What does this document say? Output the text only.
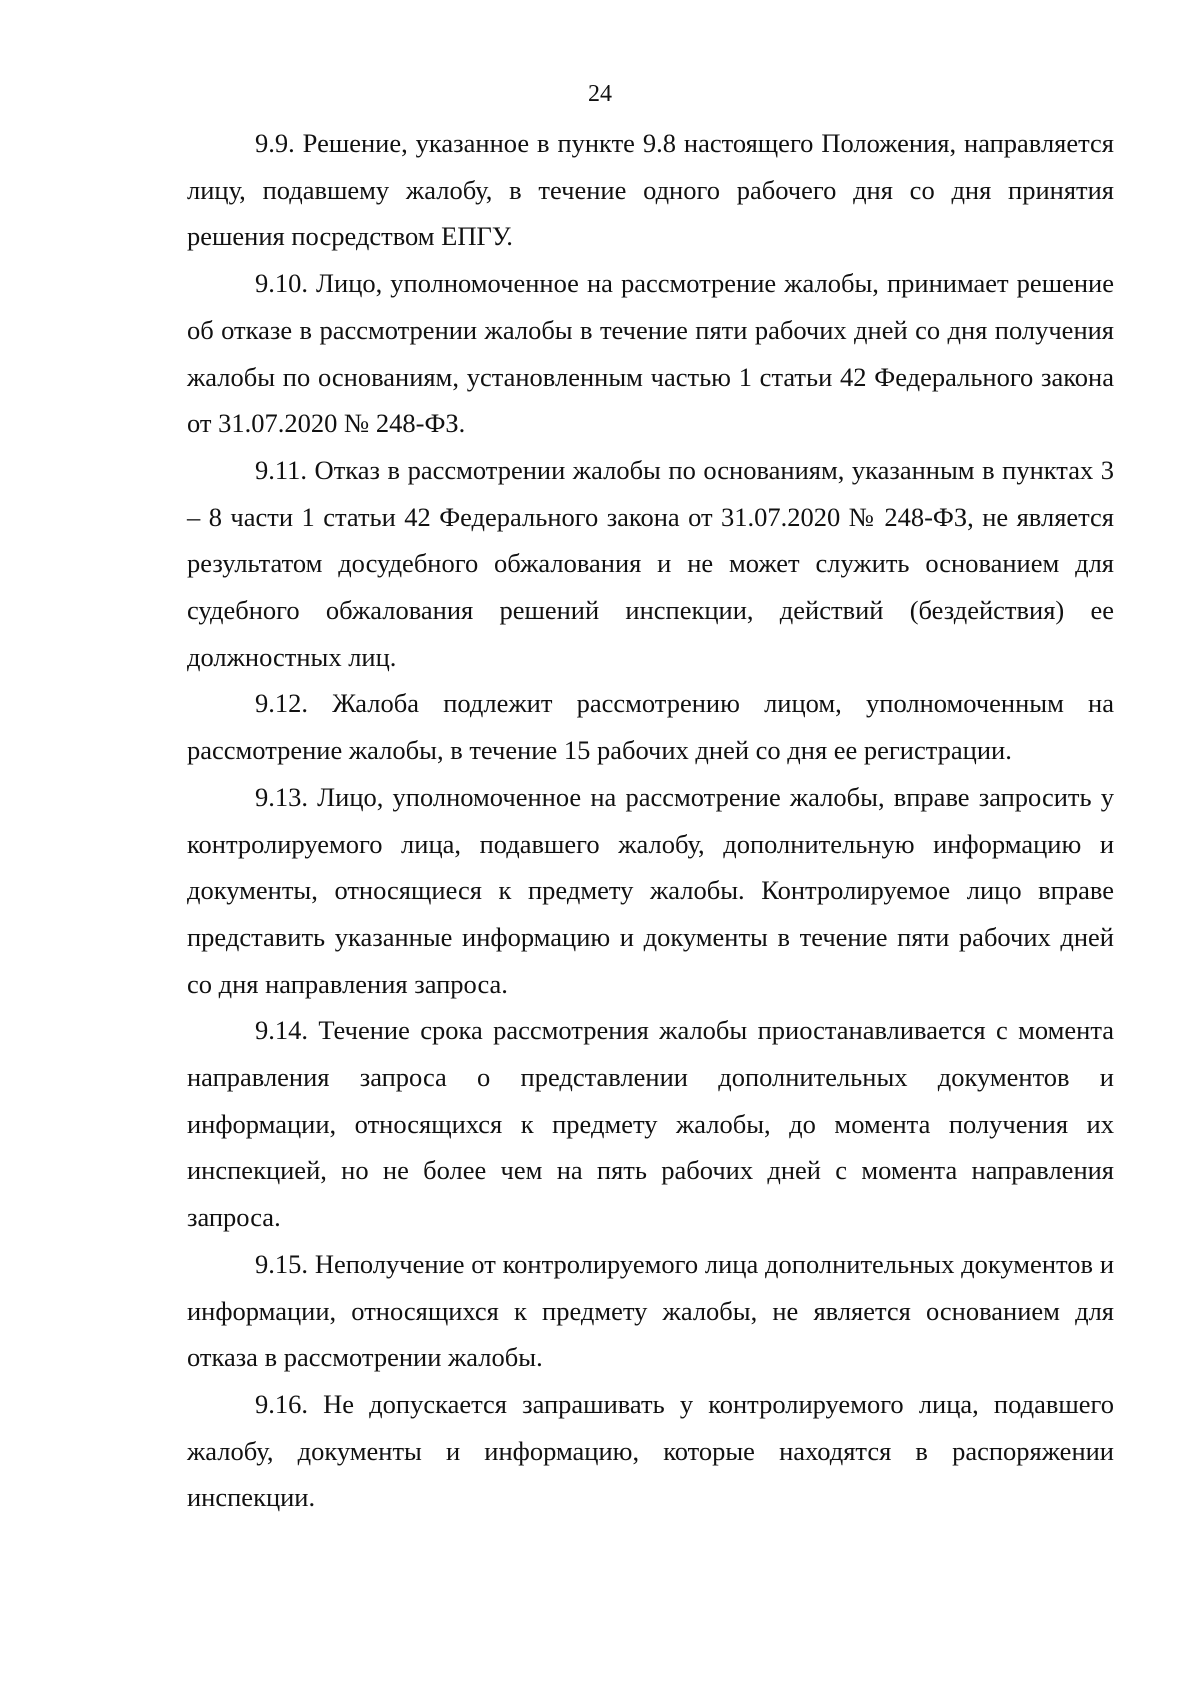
24

9.9. Решение, указанное в пункте 9.8 настоящего Положения, направляется лицу, подавшему жалобу, в течение одного рабочего дня со дня принятия решения посредством ЕПГУ.

9.10. Лицо, уполномоченное на рассмотрение жалобы, принимает решение об отказе в рассмотрении жалобы в течение пяти рабочих дней со дня получения жалобы по основаниям, установленным частью 1 статьи 42 Федерального закона от 31.07.2020 № 248-ФЗ.

9.11. Отказ в рассмотрении жалобы по основаниям, указанным в пунктах 3 – 8 части 1 статьи 42 Федерального закона от 31.07.2020 № 248-ФЗ, не является результатом досудебного обжалования и не может служить основанием для судебного обжалования решений инспекции, действий (бездействия) ее должностных лиц.

9.12. Жалоба подлежит рассмотрению лицом, уполномоченным на рассмотрение жалобы, в течение 15 рабочих дней со дня ее регистрации.

9.13. Лицо, уполномоченное на рассмотрение жалобы, вправе запросить у контролируемого лица, подавшего жалобу, дополнительную информацию и документы, относящиеся к предмету жалобы. Контролируемое лицо вправе представить указанные информацию и документы в течение пяти рабочих дней со дня направления запроса.

9.14. Течение срока рассмотрения жалобы приостанавливается с момента направления запроса о представлении дополнительных документов и информации, относящихся к предмету жалобы, до момента получения их инспекцией, но не более чем на пять рабочих дней с момента направления запроса.

9.15. Неполучение от контролируемого лица дополнительных документов и информации, относящихся к предмету жалобы, не является основанием для отказа в рассмотрении жалобы.

9.16. Не допускается запрашивать у контролируемого лица, подавшего жалобу, документы и информацию, которые находятся в распоряжении инспекции.
